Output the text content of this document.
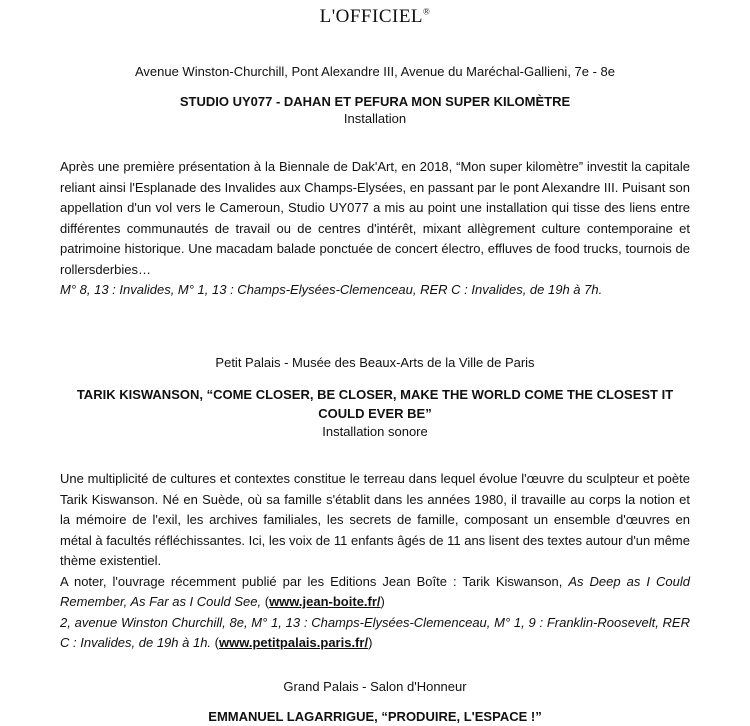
L'OFFICIEL®
Avenue Winston-Churchill, Pont Alexandre III, Avenue du Maréchal-Gallieni, 7e - 8e
STUDIO UY077 - DAHAN ET PEFURA MON SUPER KILOMÈTRE
Installation

Après une première présentation à la Biennale de Dak'Art, en 2018, “Mon super kilomètre” investit la capitale reliant ainsi l'Esplanade des Invalides aux Champs-Elysées, en passant par le pont Alexandre III. Puisant son appellation d'un vol vers le Cameroun, Studio UY077 a mis au point une installation qui tisse des liens entre différentes communautés de travail ou de centres d'intérêt, mixant allègrement culture contemporaine et patrimoine historique. Une macadam balade ponctuée de concert électro, effluves de food trucks, tournois de rollersderbies…

M° 8, 13 : Invalides, M° 1, 13 : Champs-Elysées-Clemenceau, RER C : Invalides, de 19h à 7h.

Petit Palais - Musée des Beaux-Arts de la Ville de Paris
TARIK KISWANSON, “COME CLOSER, BE CLOSER, MAKE THE WORLD COME THE CLOSEST IT COULD EVER BE”
Installation sonore

Une multiplicité de cultures et contextes constitue le terreau dans lequel évolue l'œuvre du sculpteur et poète Tarik Kiswanson. Né en Suède, où sa famille s'établit dans les années 1980, il travaille au corps la notion et la mémoire de l'exil, les archives familiales, les secrets de famille, composant un ensemble d'œuvres en métal à facultés réfléchissantes. Ici, les voix de 11 enfants âgés de 11 ans lisent des textes autour d'un même thème existentiel.

A noter, l'ouvrage récemment publié par les Editions Jean Boîte : Tarik Kiswanson, As Deep as I Could Remember, As Far as I Could See, (www.jean-boite.fr/)

2, avenue Winston Churchill, 8e, M° 1, 13 : Champs-Elysées-Clemenceau, M° 1, 9 : Franklin-Roosevelt, RER C : Invalides, de 19h à 1h. (www.petitpalais.paris.fr/)

Grand Palais - Salon d'Honneur
EMMANUEL LAGARRIGUE, “PRODUIRE, L'ESPACE !”
